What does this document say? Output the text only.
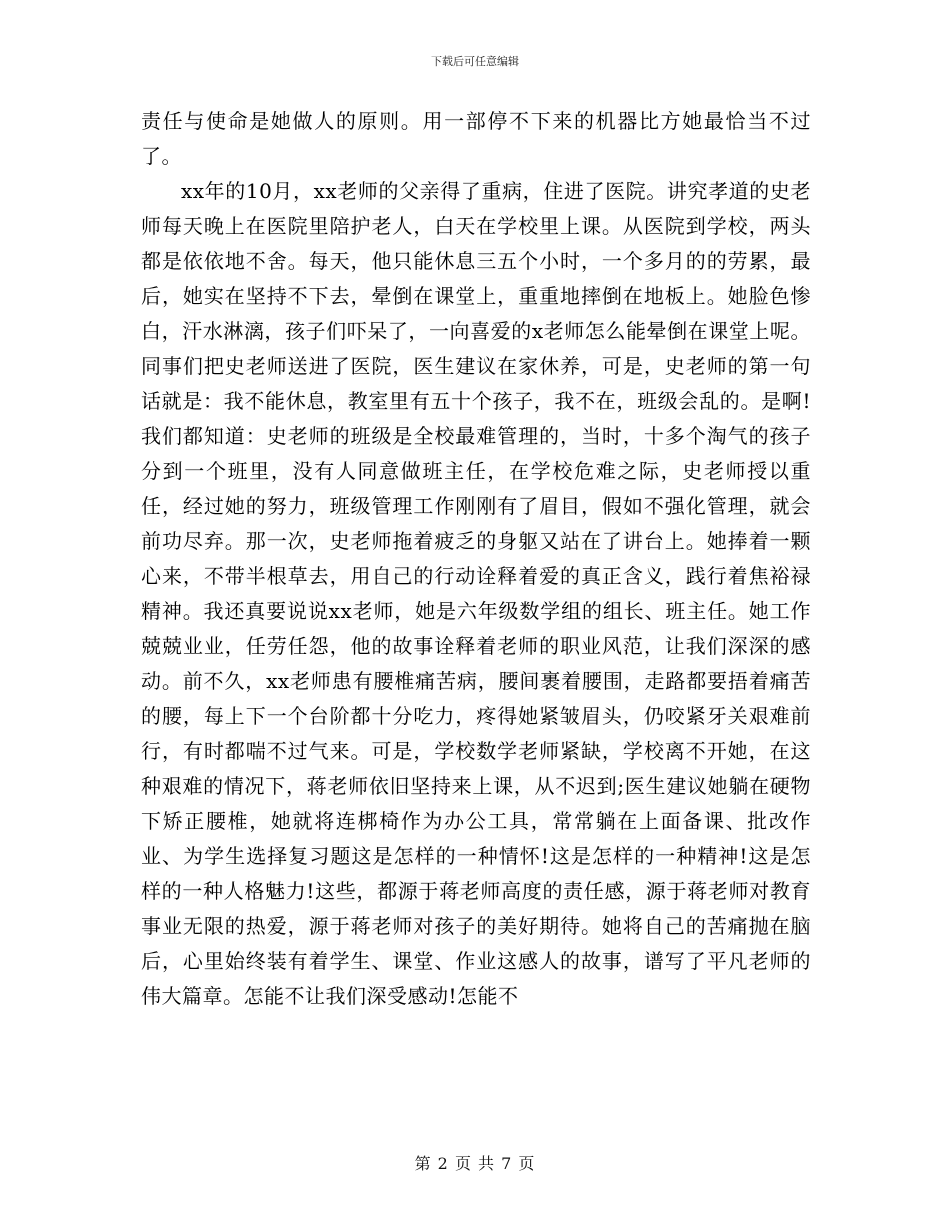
下载后可任意编辑

责任与使命是她做人的原则。用一部停不下来的机器比方她最恰当不过了。

xx年的10月，xx老师的父亲得了重病，住进了医院。讲究孝道的史老师每天晚上在医院里陪护老人，白天在学校里上课。从医院到学校，两头都是依依地不舍。每天，他只能休息三五个小时，一个多月的的劳累，最后，她实在坚持不下去，晕倒在课堂上，重重地摔倒在地板上。她脸色惨白，汗水淋漓，孩子们吓呆了，一向喜爱的x老师怎么能晕倒在课堂上呢。同事们把史老师送进了医院，医生建议在家休养，可是，史老师的第一句话就是：我不能休息，教室里有五十个孩子，我不在，班级会乱的。是啊!我们都知道：史老师的班级是全校最难管理的，当时，十多个淘气的孩子分到一个班里，没有人同意做班主任，在学校危难之际，史老师授以重任，经过她的努力，班级管理工作刚刚有了眉目，假如不强化管理，就会前功尽弃。那一次，史老师拖着疲乏的身躯又站在了讲台上。她捧着一颗心来，不带半根草去，用自己的行动诠释着爱的真正含义，践行着焦裕禄精神。我还真要说说xx老师，她是六年级数学组的组长、班主任。她工作兢兢业业，任劳任怨，他的故事诠释着老师的职业风范，让我们深深的感动。前不久，xx老师患有腰椎痛苦病，腰间裹着腰围，走路都要捂着痛苦的腰，每上下一个台阶都十分吃力，疼得她紧皱眉头，仍咬紧牙关艰难前行，有时都喘不过气来。可是，学校数学老师紧缺，学校离不开她，在这种艰难的情况下，蒋老师依旧坚持来上课，从不迟到;医生建议她躺在硬物下矫正腰椎，她就将连梆椅作为办公工具，常常躺在上面备课、批改作业、为学生选择复习题这是怎样的一种情怀!这是怎样的一种精神!这是怎样的一种人格魅力!这些，都源于蒋老师高度的责任感，源于蒋老师对教育事业无限的热爱，源于蒋老师对孩子的美好期待。她将自己的苦痛抛在脑后，心里始终装有着学生、课堂、作业这感人的故事，谱写了平凡老师的伟大篇章。怎能不让我们深受感动!怎能不

第 2 页 共 7 页
